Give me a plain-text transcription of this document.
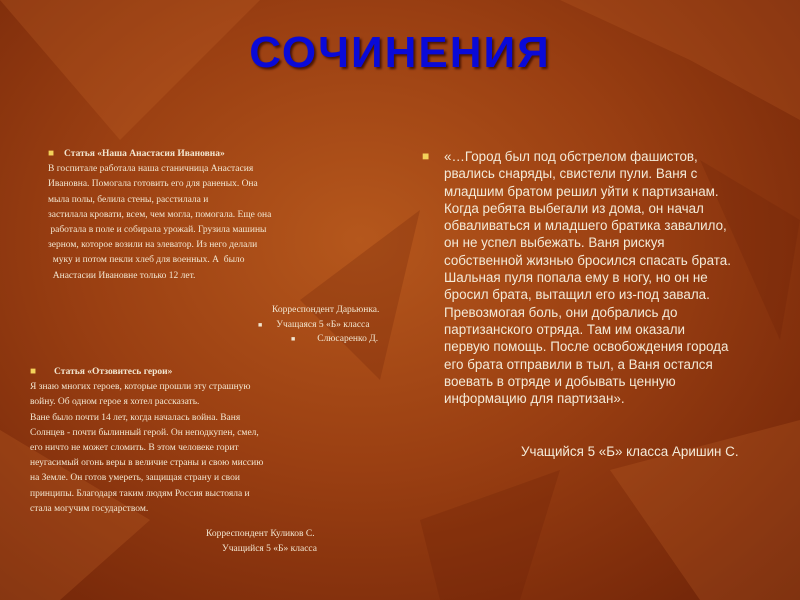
СОЧИНЕНИЯ
■ Статья «Наша Анастасия Ивановна»
В госпитале работала наша станичница Анастасия
Ивановна. Помогала готовить его для раненых. Она
мыла полы, белила стены, расстилала и
застилала кровати, всем, чем могла, помогала. Еще она
работала в поле и собирала урожай. Грузила машины
зерном, которое возили на элеватор. Из него делали
муку и потом пекли хлеб для военных. А  было
Анастасии Ивановне только 12 лет.
Корреспондент Дарьюнка.
■ Учащаяся 5 «Б» класса
■ Слюсаренко Д.
■ Статья «Отзовитесь герои»
Я знаю многих героев, которые прошли эту страшную
войну. Об одном герое я хотел рассказать.
Ване было почти 14 лет, когда началась война. Ваня
Солнцев - почти былинный герой. Он неподкупен, смел,
его ничто не может сломить. В этом человеке горит
неугасимый огонь веры в величие страны и свою миссию
на Земле. Он готов умереть, защищая страну и свои
принципы. Благодаря таким людям Россия выстояла и
стала могучим государством.
Корреспондент Куликов С.
Учащийся 5 «Б» класса
■ «…Город был под обстрелом фашистов,
рвались снаряды, свистели пули. Ваня с
младшим братом решил уйти к партизанам.
Когда ребята выбегали из дома, он начал
обваливаться и младшего братика завалило,
он не успел выбежать. Ваня рискуя
собственной жизнью бросился спасать брата.
Шальная пуля попала ему в ногу, но он не
бросил брата, вытащил его из-под завала.
Превозмогая боль, они добрались до
партизанского отряда. Там им оказали
первую помощь. После освобождения города
его брата отправили в тыл, а Ваня остался
воевать в отряде и добывать ценную
информацию для партизан».
Учащийся 5 «Б» класса Аришин С.
